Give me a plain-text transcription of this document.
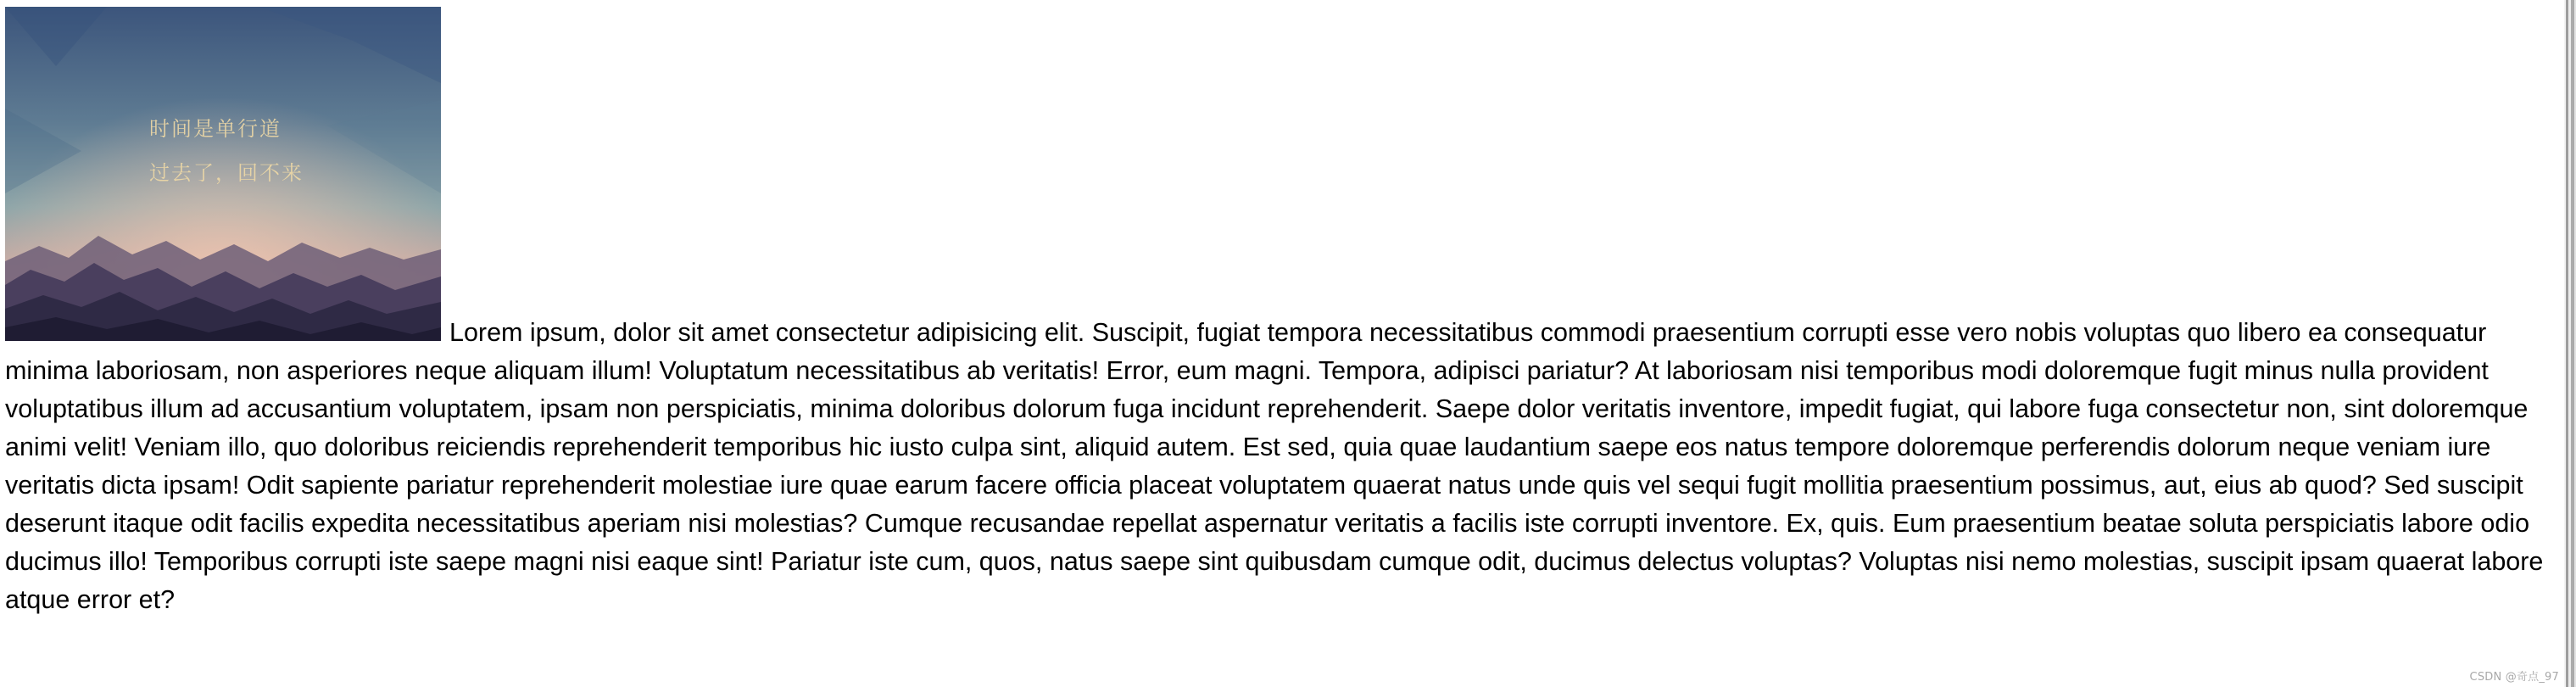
时间是单行道
过去了，回不来
Lorem ipsum, dolor sit amet consectetur adipisicing elit. Suscipit, fugiat tempora necessitatibus commodi praesentium corrupti esse vero nobis voluptas quo libero ea consequatur minima laboriosam, non asperiores neque aliquam illum! Voluptatum necessitatibus ab veritatis! Error, eum magni. Tempora, adipisci pariatur? At laboriosam nisi temporibus modi doloremque fugit minus nulla provident voluptatibus illum ad accusantium voluptatem, ipsam non perspiciatis, minima doloribus dolorum fuga incidunt reprehenderit. Saepe dolor veritatis inventore, impedit fugiat, qui labore fuga consectetur non, sint doloremque animi velit! Veniam illo, quo doloribus reiciendis reprehenderit temporibus hic iusto culpa sint, aliquid autem. Est sed, quia quae laudantium saepe eos natus tempore doloremque perferendis dolorum neque veniam iure veritatis dicta ipsam! Odit sapiente pariatur reprehenderit molestiae iure quae earum facere officia placeat voluptatem quaerat natus unde quis vel sequi fugit mollitia praesentium possimus, aut, eius ab quod? Sed suscipit deserunt itaque odit facilis expedita necessitatibus aperiam nisi molestias? Cumque recusandae repellat aspernatur veritatis a facilis iste corrupti inventore. Ex, quis. Eum praesentium beatae soluta perspiciatis labore odio ducimus illo! Temporibus corrupti iste saepe magni nisi eaque sint! Pariatur iste cum, quos, natus saepe sint quibusdam cumque odit, ducimus delectus voluptas? Voluptas nisi nemo molestias, suscipit ipsam quaerat labore atque error et?
CSDN @奇点_97
